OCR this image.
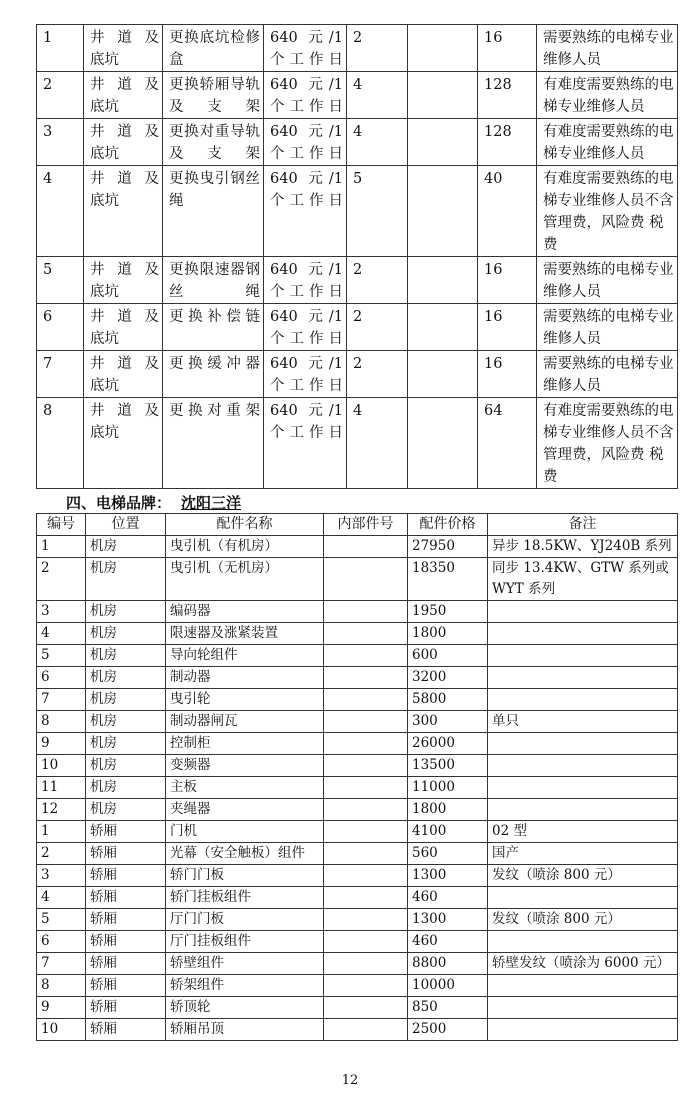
1	井 道 及 底坑	更换底坑检修盒	640 元/1个工作日	2		16	需要熟练的电梯专业维修人员
2	井 道 及 底坑	更换轿厢导轨及支架	640 元/1个工作日	4		128	有难度需要熟练的电梯专业维修人员
3	井 道 及 底坑	更换对重导轨及支架	640 元/1个工作日	4		128	有难度需要熟练的电梯专业维修人员
4	井 道 及 底坑	更换曳引钢丝绳	640 元/1个工作日	5		40	有难度需要熟练的电梯专业维修人员不含管理费，风险费 税费
5	井 道 及 底坑	更换限速器钢丝绳	640 元/1个工作日	2		16	需要熟练的电梯专业维修人员
6	井 道 及 底坑	更换补偿链	640 元/1个工作日	2		16	需要熟练的电梯专业维修人员
7	井 道 及 底坑	更换缓冲器	640 元/1个工作日	2		16	需要熟练的电梯专业维修人员
8	井 道 及 底坑	更换对重架	640 元/1个工作日	4		64	有难度需要熟练的电梯专业维修人员不含管理费，风险费 税费
四、电梯品牌： 沈阳三洋
编号	位置	配件名称	内部件号	配件价格	备注
1	机房	曳引机（有机房）		27950	异步 18.5KW、YJ240B 系列
2	机房	曳引机（无机房）		18350	同步 13.4KW、GTW 系列或 WYT 系列
3	机房	编码器		1950	
4	机房	限速器及涨紧装置		1800	
5	机房	导向轮组件		600	
6	机房	制动器		3200	
7	机房	曳引轮		5800	
8	机房	制动器闸瓦		300	单只
9	机房	控制柜		26000	
10	机房	变频器		13500	
11	机房	主板		11000	
12	机房	夹绳器		1800	
1	轿厢	门机		4100	02 型
2	轿厢	光幕（安全触板）组件		560	国产
3	轿厢	轿门门板		1300	发纹（喷涂 800 元）
4	轿厢	轿门挂板组件		460	
5	轿厢	厅门门板		1300	发纹（喷涂 800 元）
6	轿厢	厅门挂板组件		460	
7	轿厢	轿壁组件		8800	轿壁发纹（喷涂为 6000 元）
8	轿厢	轿架组件		10000	
9	轿厢	轿顶轮		850	
10	轿厢	轿厢吊顶		2500	
12
